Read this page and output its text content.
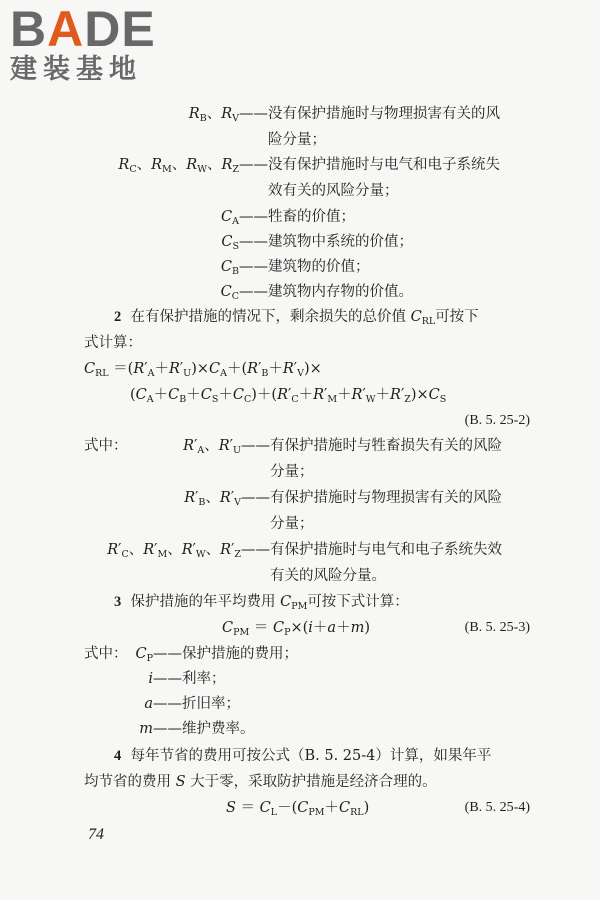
BADE
建装基地
$R_B$、$R_V——$ 没有保护措施时与物理损害有关的风
险分量；
$R_C$、$R_M$、$R_W$、$R_Z——$ 没有保护措施时与电气和电子系统失
效有关的风险分量；
$C_A——$ 牲畜的价值；
$C_S——$ 建筑物中系统的价值；
$C_B——$ 建筑物的价值；
$C_C——$ 建筑物内存物的价值。
2 在有保护措施的情况下，剩余损失的总价值 $C_{RL}$可按下
式计算：
$C_{RL} =(R'_A+R'_U)\times C_A+(R'_B+R'_V)\times$
$(C_A+C_B+C_S+C_C)+(R'_C+R'_M+R'_W+R'_Z)\times C_S$
(B. 5. 25-2)
式中：	$R'_A$、$R'_U——$ 有保护措施时与牲畜损失有关的风险
分量；
$R'_B$、$R'_V——$ 有保护措施时与物理损害有关的风险
分量；
$R'_C$、$R'_M$、$R'_W$、$R'_Z——$ 有保护措施时与电气和电子系统失效
有关的风险分量。
3 保护措施的年平均费用 $C_{PM}$可按下式计算：
$C_{PM} = C_P\times(i+a+m)$	(B. 5. 25-3)
式中： $C_P——$ 保护措施的费用；
i—— 利率；
a—— 折旧率；
m—— 维护费率。
4 每年节省的费用可按公式（B. 5. 25-4）计算，如果年平
均节省的费用 S 大于零，采取防护措施是经济合理的。
$S = C_L-(C_{PM}+C_{RL})$	(B. 5. 25-4)
74
